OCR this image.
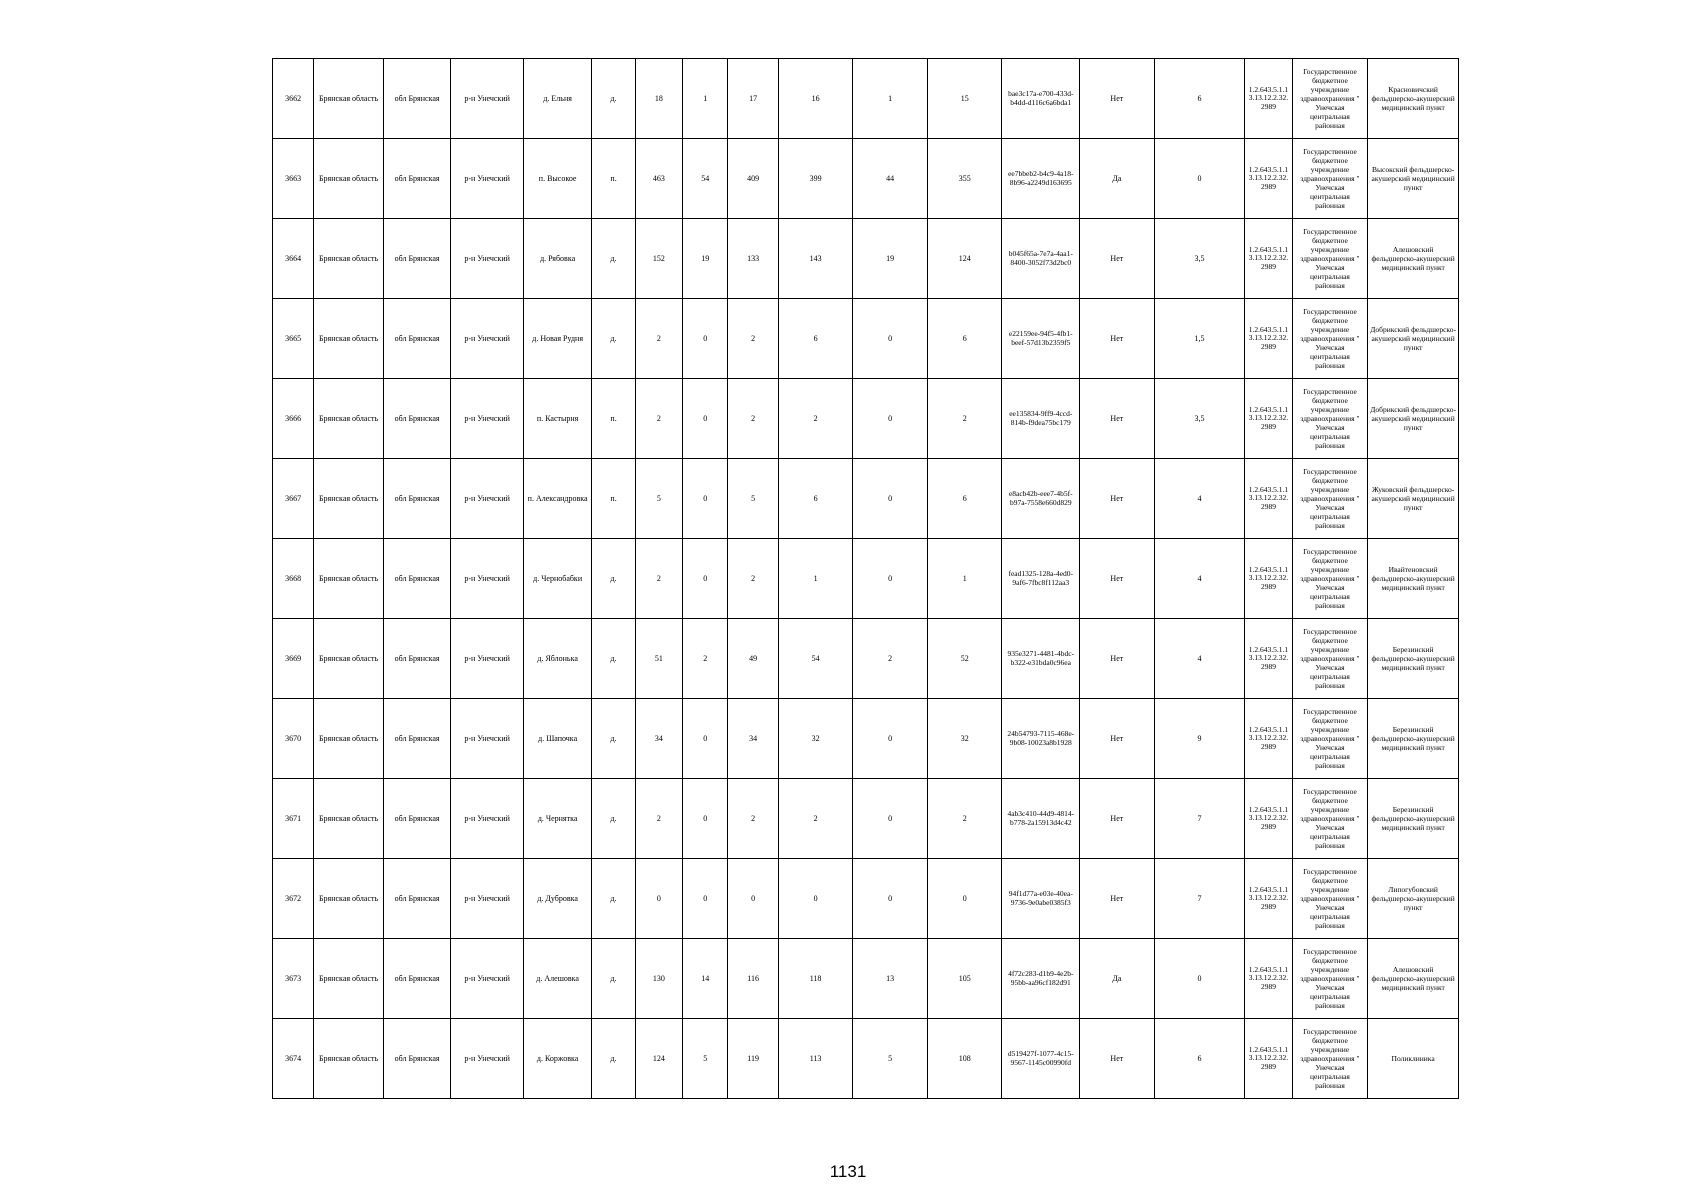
3662	Брянская область	обл Брянская	р-н Унечский	д. Ельня	д.	18	1	17	16	1	15	bae3c17a-e700-433d-b4dd-d116c6a6bda1	Нет	6	1.2.643.5.1.13.13.12.2.32.2989	Государственное бюджетное учреждение здравоохранения " Унечская центральная районная	Красновичский фельдшерско-акушерский медицинский пункт
3663	Брянская область	обл Брянская	р-н Унечский	п. Высокое	п.	463	54	409	399	44	355	ee7bbeb2-b4c9-4a18-8b96-a2249d163695	Да	0	1.2.643.5.1.13.13.12.2.32.2989	Государственное бюджетное учреждение здравоохранения " Унечская центральная районная	Высокский фельдшерско-акушерский медицинский пункт
3664	Брянская область	обл Брянская	р-н Унечский	д. Рябовка	д.	152	19	133	143	19	124	b045f65a-7e7a-4aa1-8400-3052f73d2bc0	Нет	3,5	1.2.643.5.1.13.13.12.2.32.2989	Государственное бюджетное учреждение здравоохранения " Унечская центральная районная	Алешовский фельдшерско-акушерский медицинский пункт
3665	Брянская область	обл Брянская	р-н Унечский	д. Новая Рудня	д.	2	0	2	6	0	6	e22159ee-94f5-4fb1-beef-57d13b2359f5	Нет	1,5	1.2.643.5.1.13.13.12.2.32.2989	Государственное бюджетное учреждение здравоохранения " Унечская центральная районная	Добрикский фельдшерско-акушерский медицинский пункт
3666	Брянская область	обл Брянская	р-н Унечский	п. Кастырня	п.	2	0	2	2	0	2	ee135834-9ff9-4ccd-814b-f9dea75bc179	Нет	3,5	1.2.643.5.1.13.13.12.2.32.2989	Государственное бюджетное учреждение здравоохранения " Унечская центральная районная	Добрикский фельдшерско-акушерский медицинский пункт
3667	Брянская область	обл Брянская	р-н Унечский	п. Александровка	п.	5	0	5	6	0	6	e8acb42b-eee7-4b5f-b97a-7558e660d829	Нет	4	1.2.643.5.1.13.13.12.2.32.2989	Государственное бюджетное учреждение здравоохранения " Унечская центральная районная	Жуковский фельдшерско-акушерский медицинский пункт
3668	Брянская область	обл Брянская	р-н Унечский	д. Чернобабки	д.	2	0	2	1	0	1	fead1325-128a-4ed0-9af6-7fbc8f112aa3	Нет	4	1.2.643.5.1.13.13.12.2.32.2989	Государственное бюджетное учреждение здравоохранения " Унечская центральная районная	Ивайтеновский фельдшерско-акушерский медицинский пункт
3669	Брянская область	обл Брянская	р-н Унечский	д. Яблонька	д.	51	2	49	54	2	52	935e3271-4481-4bdc-b322-e31bda0c96ea	Нет	4	1.2.643.5.1.13.13.12.2.32.2989	Государственное бюджетное учреждение здравоохранения " Унечская центральная районная	Березинский фельдшерско-акушерский медицинский пункт
3670	Брянская область	обл Брянская	р-н Унечский	д. Шапочка	д.	34	0	34	32	0	32	24b54793-7115-468e-9b08-10023a8b1928	Нет	9	1.2.643.5.1.13.13.12.2.32.2989	Государственное бюджетное учреждение здравоохранения " Унечская центральная районная	Березинский фельдшерско-акушерский медицинский пункт
3671	Брянская область	обл Брянская	р-н Унечский	д. Чернятка	д.	2	0	2	2	0	2	4ab3c410-44d9-4814-b778-2a15913d4c42	Нет	7	1.2.643.5.1.13.13.12.2.32.2989	Государственное бюджетное учреждение здравоохранения " Унечская центральная районная	Березинский фельдшерско-акушерский медицинский пункт
3672	Брянская область	обл Брянская	р-н Унечский	д. Дубровка	д.	0	0	0	0	0	0	94f1d77a-e03e-40ea-9736-9e0abe0385f3	Нет	7	1.2.643.5.1.13.13.12.2.32.2989	Государственное бюджетное учреждение здравоохранения " Унечская центральная районная	Липогубовский фельдшерско-акушерский пункт
3673	Брянская область	обл Брянская	р-н Унечский	д. Алешовка	д.	130	14	116	118	13	105	4f72c283-d1b9-4e2b-95bb-aa96cf182d91	Да	0	1.2.643.5.1.13.13.12.2.32.2989	Государственное бюджетное учреждение здравоохранения " Унечская центральная районная	Алешовский фельдшерско-акушерский медицинский пункт
3674	Брянская область	обл Брянская	р-н Унечский	д. Коржовка	д.	124	5	119	113	5	108	d519427f-1077-4c15-9567-1145c00990fd	Нет	6	1.2.643.5.1.13.13.12.2.32.2989	Государственное бюджетное учреждение здравоохранения " Унечская центральная районная	Поликлиника
1131
